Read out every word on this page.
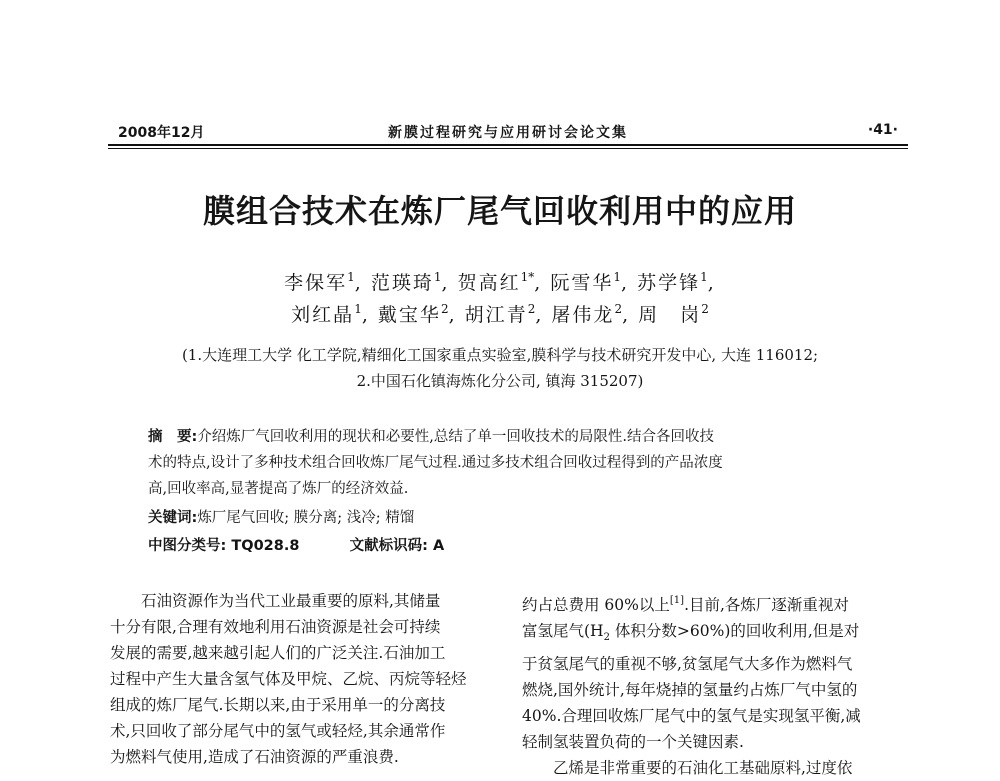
2008年12月	新膜过程研究与应用研讨会论文集	·41·
膜组合技术在炼厂尾气回收利用中的应用
李保军$^1$, 范瑛琦$^1$, 贺高红$^{1*}$, 阮雪华$^1$, 苏学锋$^1$,
刘红晶$^1$, 戴宝华$^2$, 胡江青$^2$, 屠伟龙$^2$, 周　岗$^2$
(1.大连理工大学 化工学院,精细化工国家重点实验室,膜科学与技术研究开发中心, 大连 116012;
2.中国石化镇海炼化分公司, 镇海 315207)
摘　要:介绍炼厂气回收利用的现状和必要性,总结了单一回收技术的局限性.结合各回收技
术的特点,设计了多种技术组合回收炼厂尾气过程.通过多技术组合回收过程得到的产品浓度
高,回收率高,显著提高了炼厂的经济效益.
关键词:炼厂尾气回收; 膜分离; 浅冷; 精馏
中图分类号: TQ028.8	文献标识码: A

石油资源作为当代工业最重要的原料,其储量

十分有限,合理有效地利用石油资源是社会可持续

发展的需要,越来越引起人们的广泛关注.石油加工

过程中产生大量含氢气体及甲烷、乙烷、丙烷等轻烃

组成的炼厂尾气.长期以来,由于采用单一的分离技

术,只回收了部分尾气中的氢气或轻烃,其余通常作

为燃料气使用,造成了石油资源的严重浪费.

约占总费用 60%以上[1].目前,各炼厂逐渐重视对

富氢尾气($H_2$ 体积分数>60%)的回收利用,但是对

于贫氢尾气的重视不够,贫氢尾气大多作为燃料气

燃烧,国外统计,每年烧掉的氢量约占炼厂气中氢的

40%.合理回收炼厂尾气中的氢气是实现氢平衡,减

轻制氢装置负荷的一个关键因素.

乙烯是非常重要的石油化工基础原料,过度依
